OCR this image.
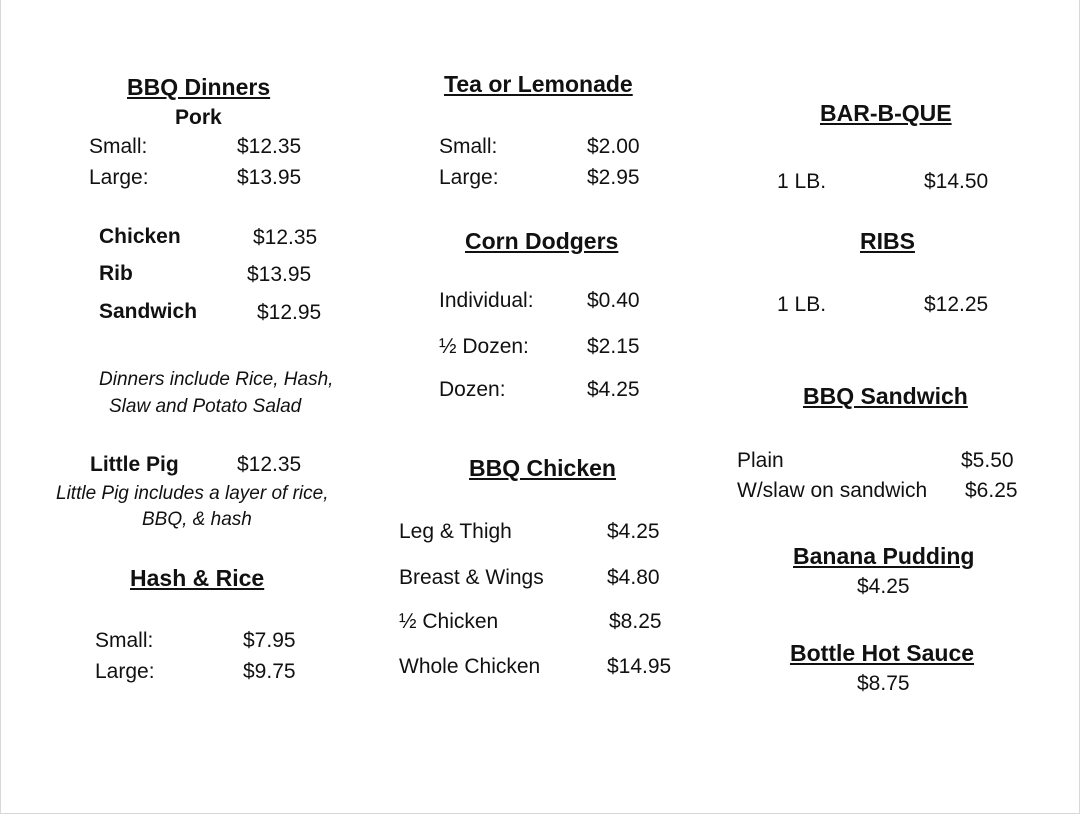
BBQ Dinners
Pork
Small:	$12.35
Large:	$13.95
Chicken	$12.35
Rib	$13.95
Sandwich	$12.95
Dinners include Rice, Hash,
Slaw and Potato Salad
Little Pig	$12.35
Little Pig includes a layer of rice,
BBQ, & hash
Hash & Rice
Small:	$7.95
Large:	$9.75
Tea or Lemonade
Small:	$2.00
Large:	$2.95
Corn Dodgers
Individual:	$0.40
½ Dozen:	$2.15
Dozen:	$4.25
BBQ Chicken
Leg & Thigh	$4.25
Breast & Wings	$4.80
½ Chicken	$8.25
Whole Chicken	$14.95
BAR-B-QUE
1 LB.	$14.50
RIBS
1 LB.	$12.25
BBQ Sandwich
Plain	$5.50
W/slaw on sandwich $6.25
Banana Pudding
$4.25
Bottle Hot Sauce
$8.75
